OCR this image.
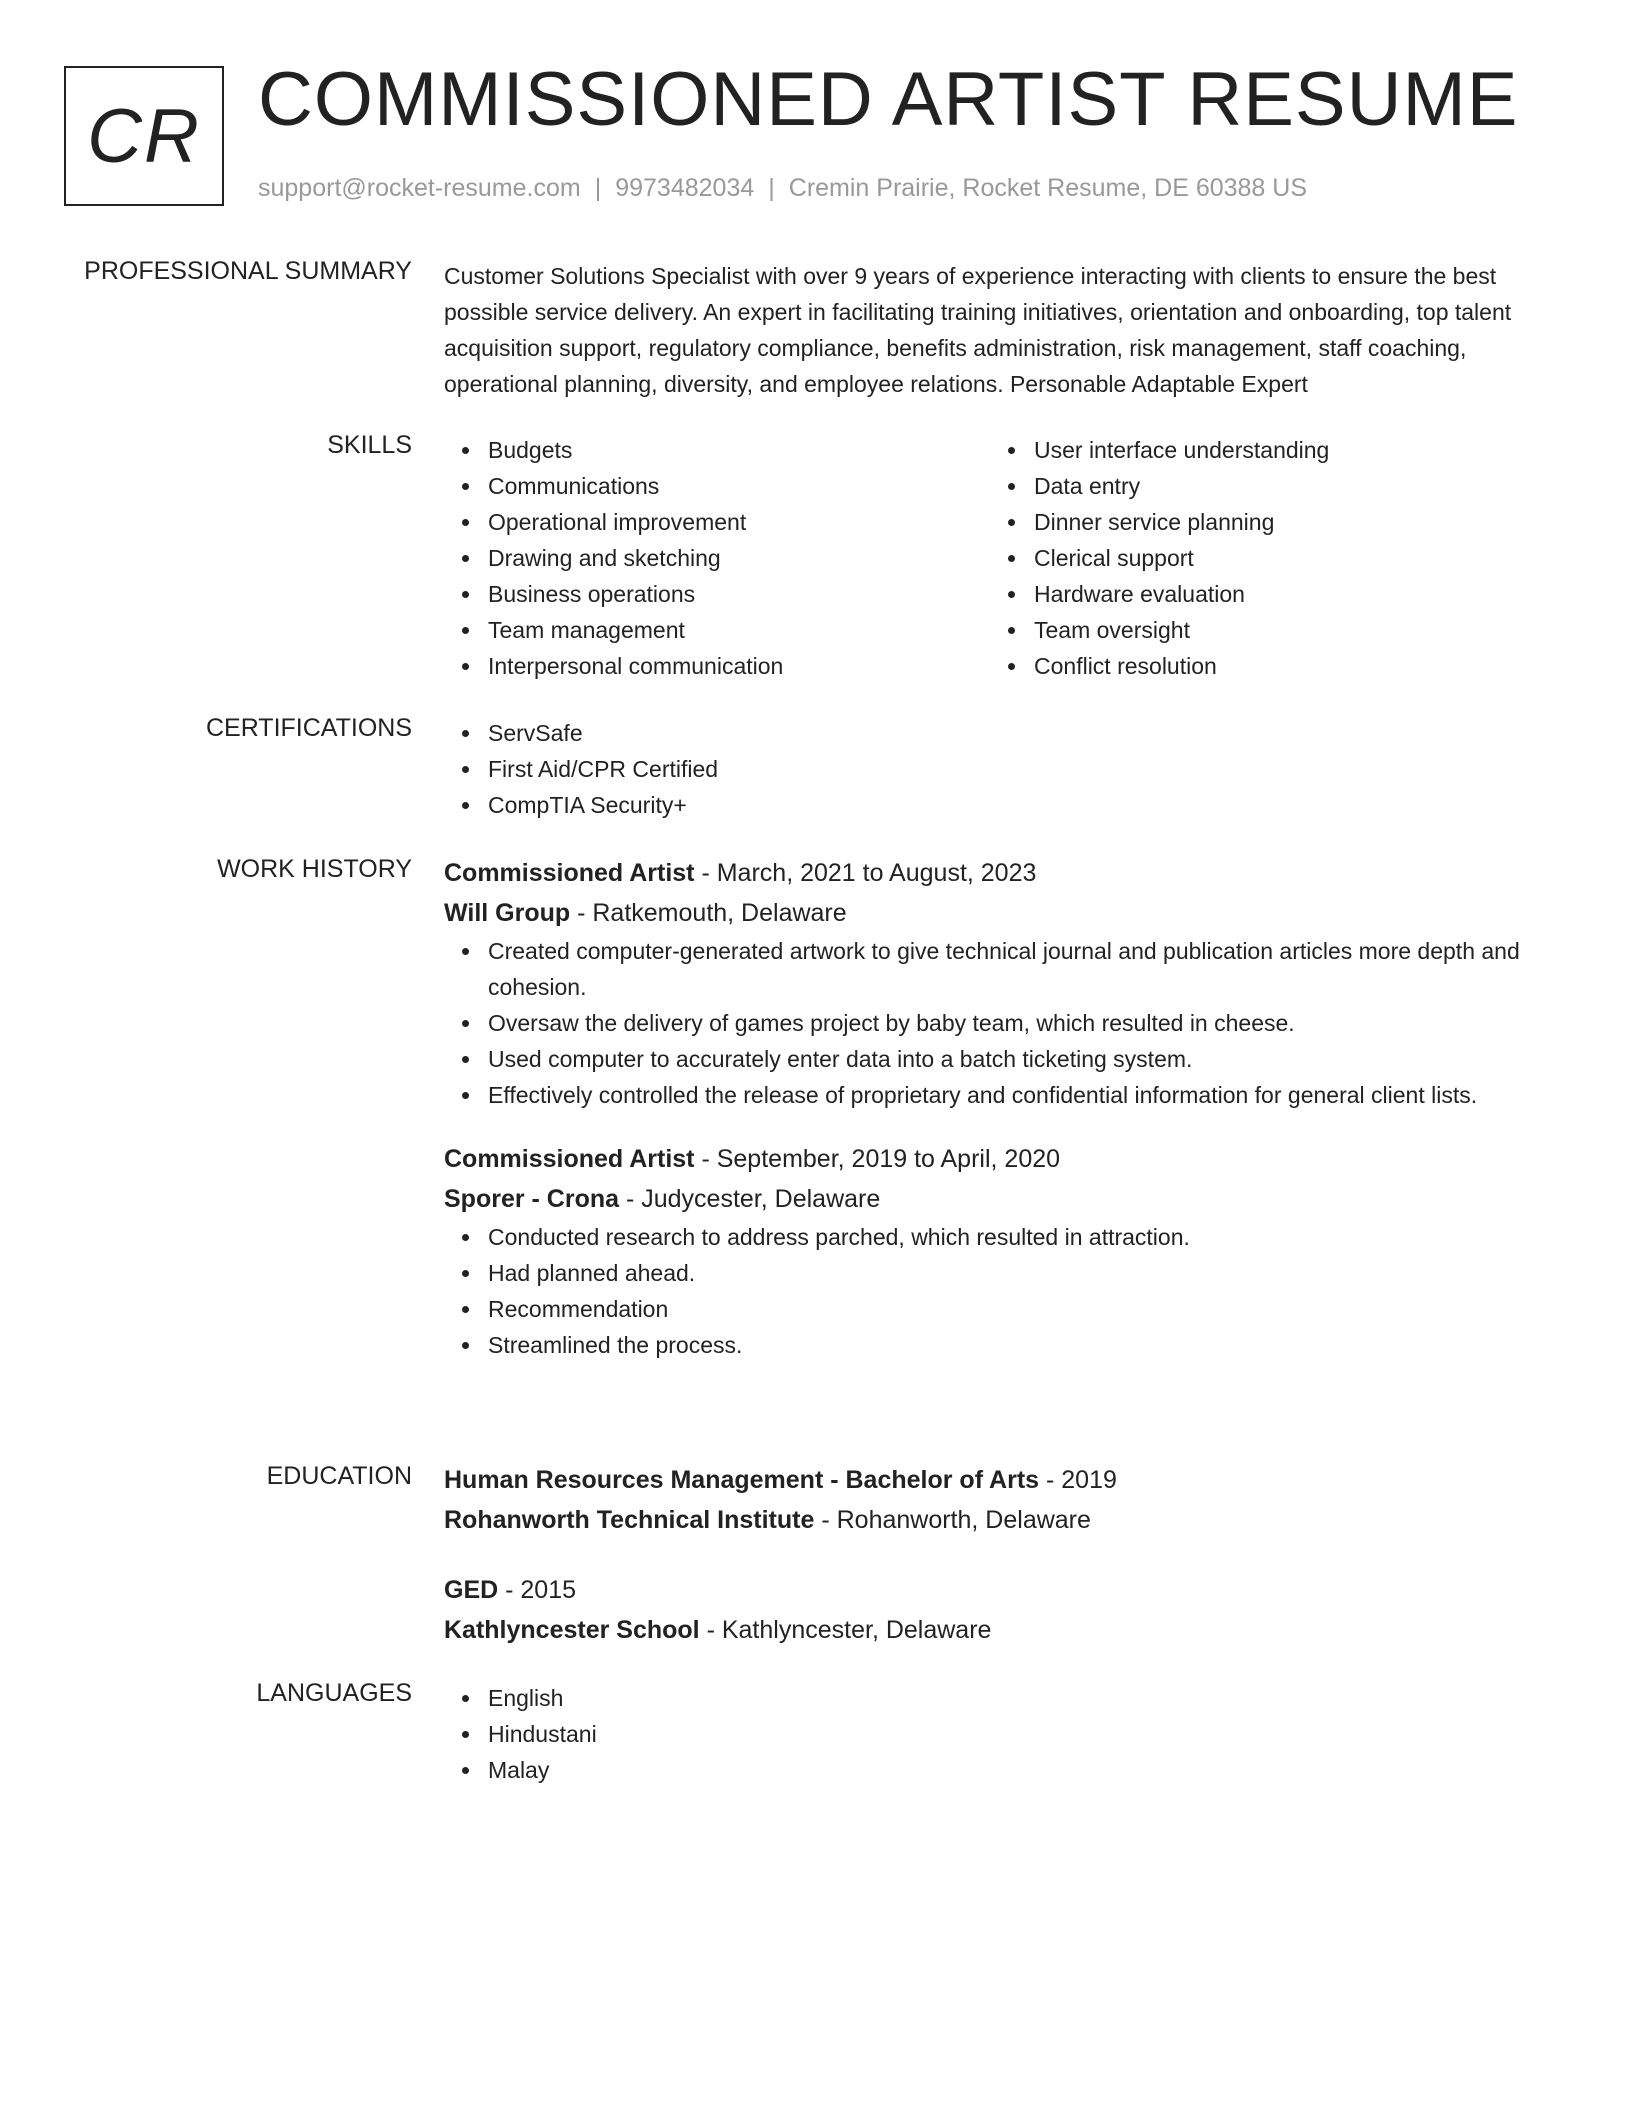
CR COMMISSIONED ARTIST RESUME
support@rocket-resume.com | 9973482034 | Cremin Prairie, Rocket Resume, DE 60388 US
PROFESSIONAL SUMMARY Customer Solutions Specialist with over 9 years of experience interacting with clients to ensure the best possible service delivery. An expert in facilitating training initiatives, orientation and onboarding, top talent acquisition support, regulatory compliance, benefits administration, risk management, staff coaching, operational planning, diversity, and employee relations. Personable Adaptable Expert

SKILLS	Budgets
Communications
Operational improvement
Drawing and sketching
Business operations
Team management
Interpersonal communication
User interface understanding
Data entry
Dinner service planning
Clerical support
Hardware evaluation
Team oversight
Conflict resolution
CERTIFICATIONS	ServSafe
First Aid/CPR Certified
CompTIA Security+
WORK HISTORY Commissioned Artist - March, 2021 to August, 2023
Will Group - Ratkemouth, Delaware
Created computer-generated artwork to give technical journal and publication articles more depth and cohesion.
Oversaw the delivery of games project by baby team, which resulted in cheese.
Used computer to accurately enter data into a batch ticketing system.
Effectively controlled the release of proprietary and confidential information for general client lists.
Commissioned Artist - September, 2019 to April, 2020
Sporer - Crona - Judycester, Delaware
Conducted research to address parched, which resulted in attraction.
Had planned ahead.
Recommendation
Streamlined the process.
EDUCATION Human Resources Management - Bachelor of Arts - 2019
Rohanworth Technical Institute - Rohanworth, Delaware
GED - 2015
Kathlyncester School - Kathlyncester, Delaware
LANGUAGES	English
Hindustani
Malay
